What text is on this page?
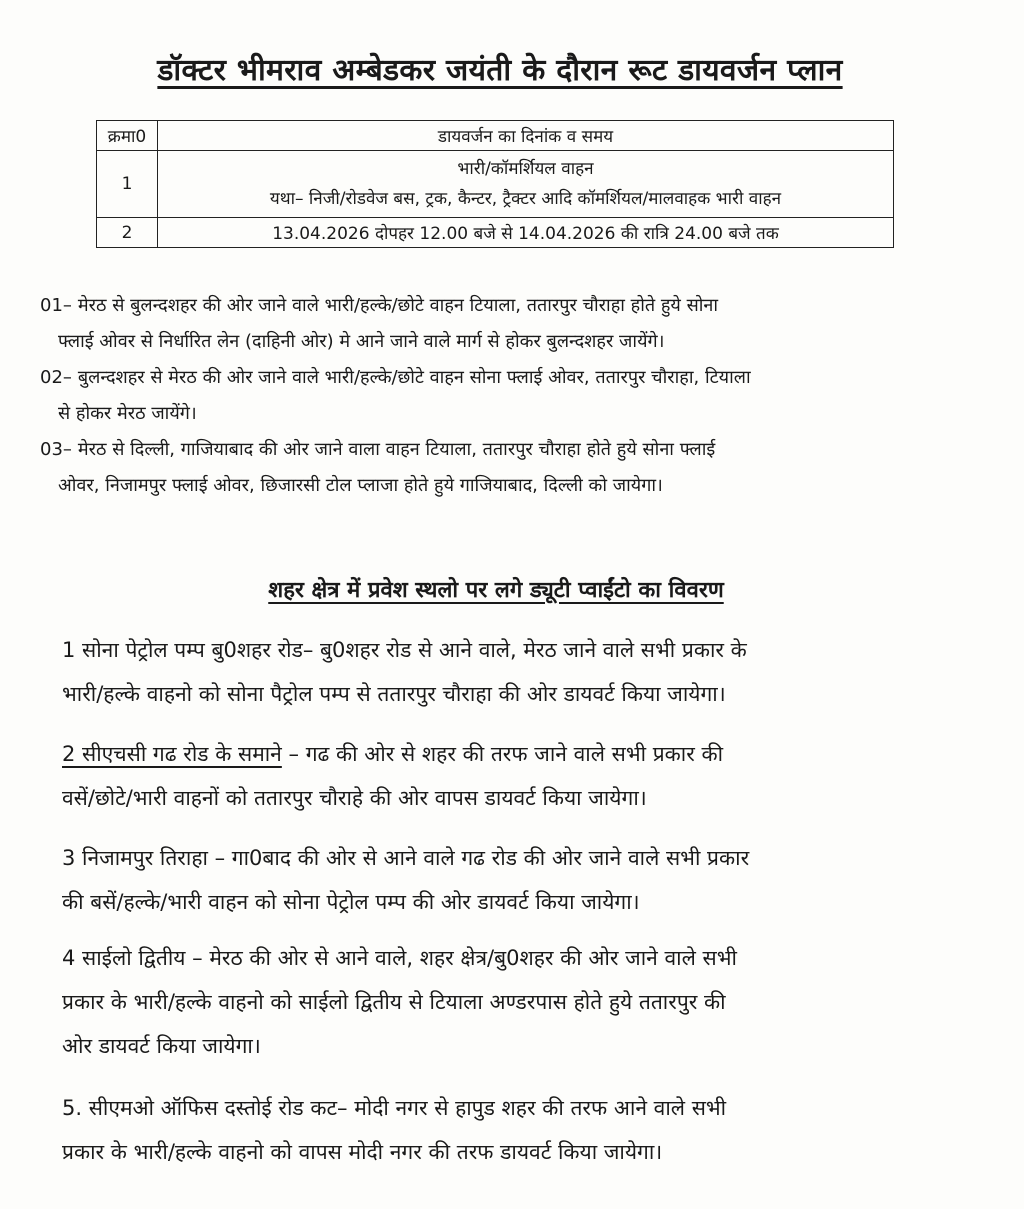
डॉक्टर भीमराव अम्बेडकर जयंती के दौरान रूट डायवर्जन प्लान
क्रमा0	डायवर्जन का दिनांक व समय
1	भारी/कॉमर्शियल वाहन
यथा– निजी/रोडवेज बस, ट्रक, कैन्टर, ट्रैक्टर आदि कॉमर्शियल/मालवाहक भारी वाहन

2	13.04.2026 दोपहर 12.00 बजे से 14.04.2026 की रात्रि 24.00 बजे तक
01– मेरठ से बुलन्दशहर की ओर जाने वाले भारी/हल्के/छोटे वाहन टियाला, ततारपुर चौराहा होते हुये सोना
फ्लाई ओवर से निर्धारित लेन (दाहिनी ओर) मे आने जाने वाले मार्ग से होकर बुलन्दशहर जायेंगे।
02– बुलन्दशहर से मेरठ की ओर जाने वाले भारी/हल्के/छोटे वाहन सोना फ्लाई ओवर, ततारपुर चौराहा, टियाला
से होकर मेरठ जायेंगे।
03– मेरठ से दिल्ली, गाजियाबाद की ओर जाने वाला वाहन टियाला, ततारपुर चौराहा होते हुये सोना फ्लाई
ओवर, निजामपुर फ्लाई ओवर, छिजारसी टोल प्लाजा होते हुये गाजियाबाद, दिल्ली को जायेगा।
शहर क्षेत्र में प्रवेश स्थलो पर लगे ड्यूटी प्वाईंटो का विवरण
1 सोना पेट्रोल पम्प बु0शहर रोड– बु0शहर रोड से आने वाले, मेरठ जाने वाले सभी प्रकार के
भारी/हल्के वाहनो को सोना पैट्रोल पम्प से ततारपुर चौराहा की ओर डायवर्ट किया जायेगा।
2 सीएचसी गढ रोड के समाने – गढ की ओर से शहर की तरफ जाने वाले सभी प्रकार की
वसें/छोटे/भारी वाहनों को ततारपुर चौराहे की ओर वापस डायवर्ट किया जायेगा।
3 निजामपुर तिराहा – गा0बाद की ओर से आने वाले गढ रोड की ओर जाने वाले सभी प्रकार
की बसें/हल्के/भारी वाहन को सोना पेट्रोल पम्प की ओर डायवर्ट किया जायेगा।
4 साईलो द्वितीय – मेरठ की ओर से आने वाले, शहर क्षेत्र/बु0शहर की ओर जाने वाले सभी
प्रकार के भारी/हल्के वाहनो को साईलो द्वितीय से टियाला अण्डरपास होते हुये ततारपुर की
ओर डायवर्ट किया जायेगा।
5. सीएमओ ऑफिस दस्तोई रोड कट– मोदी नगर से हापुड शहर की तरफ आने वाले सभी
प्रकार के भारी/हल्के वाहनो को वापस मोदी नगर की तरफ डायवर्ट किया जायेगा।
